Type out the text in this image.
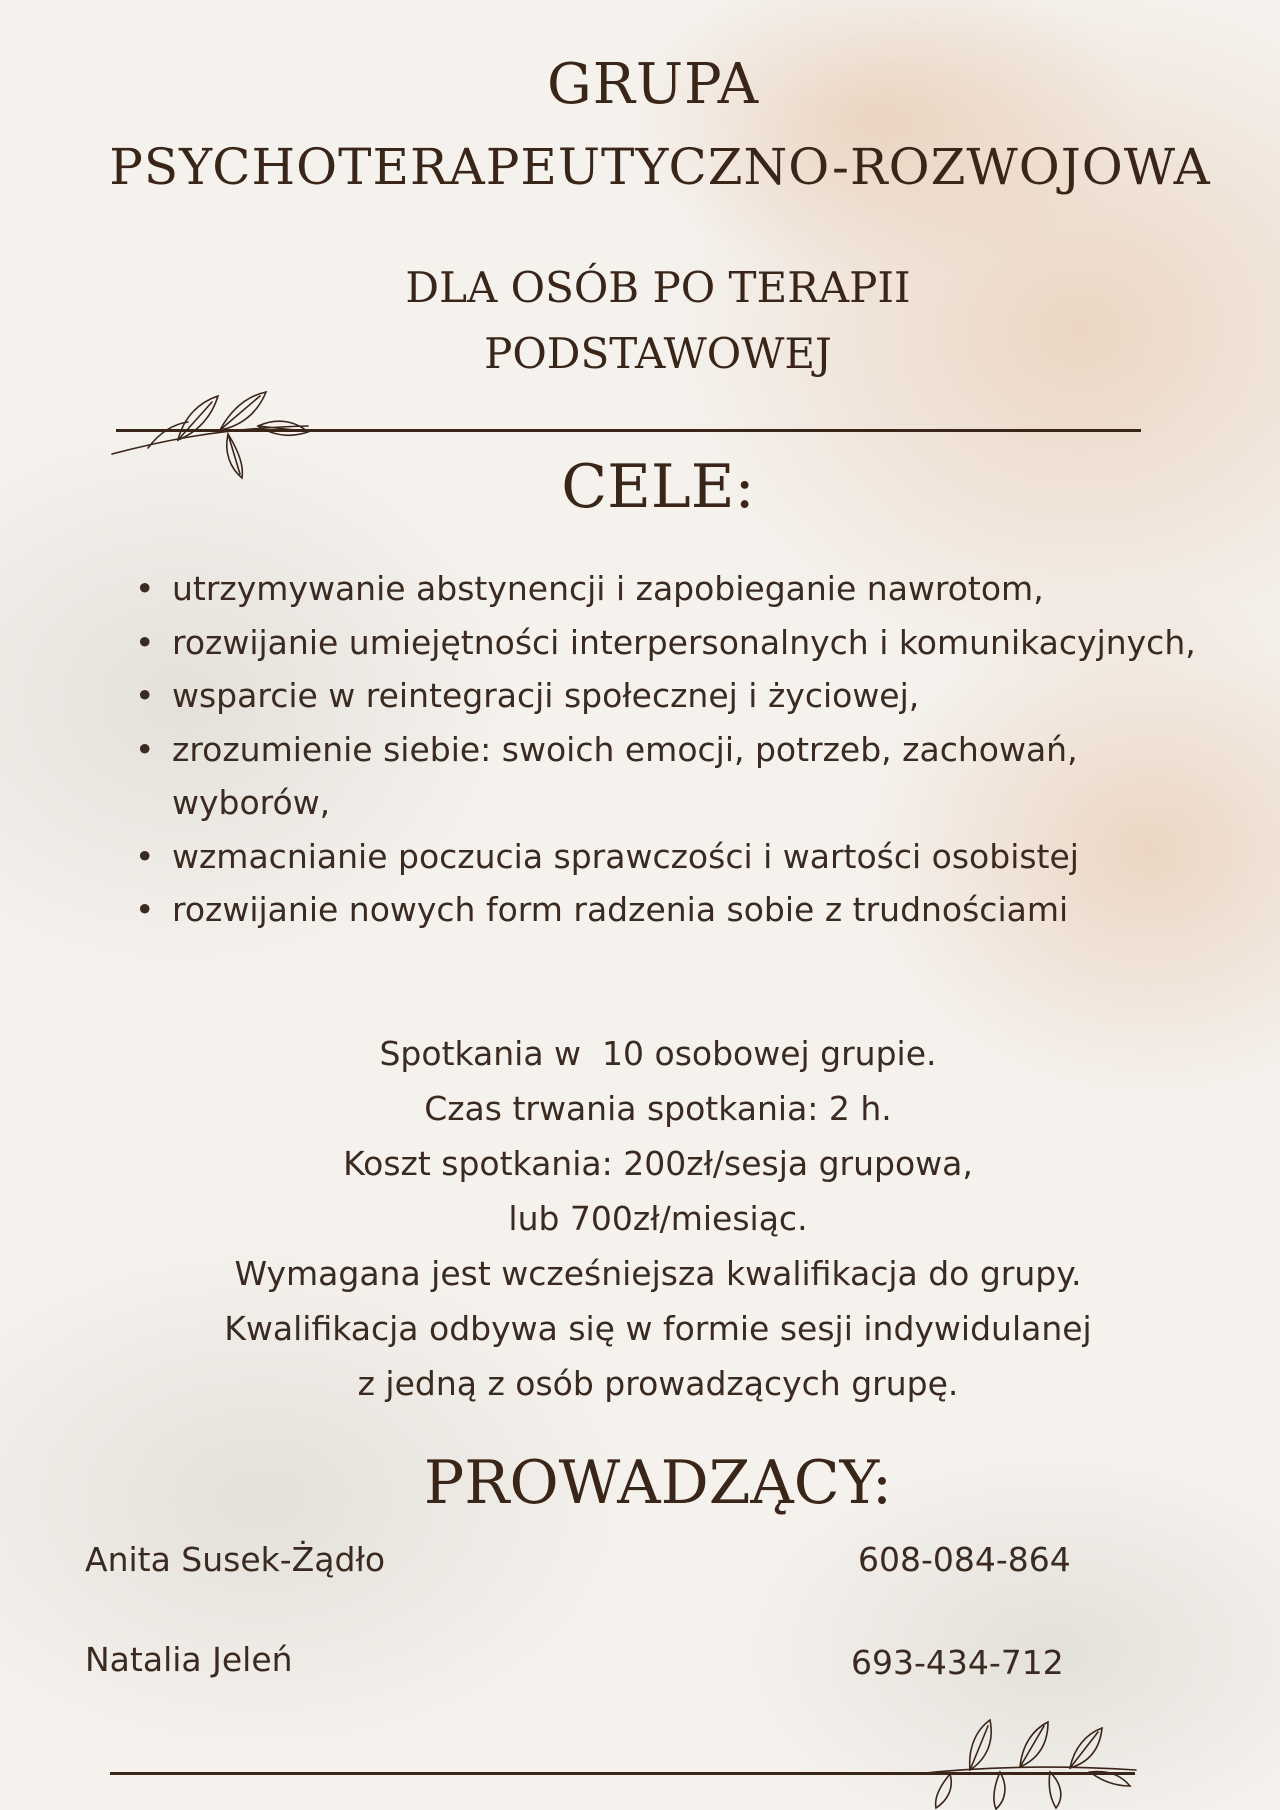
GRUPA
PSYCHOTERAPEUTYCZNO-ROZWOJOWA
DLA OSÓB PO TERAPII
PODSTAWOWEJ
CELE:
• utrzymywanie abstynencji i zapobieganie nawrotom,
• rozwijanie umiejętności interpersonalnych i komunikacyjnych,
• wsparcie w reintegracji społecznej i życiowej,
• zrozumienie siebie: swoich emocji, potrzeb, zachowań, wyborów,
• wzmacnianie poczucia sprawczości i wartości osobistej
• rozwijanie nowych form radzenia sobie z trudnościami
Spotkania w  10 osobowej grupie.
Czas trwania spotkania: 2 h.
Koszt spotkania: 200zł/sesja grupowa,
lub 700zł/miesiąc.
Wymagana jest wcześniejsza kwalifikacja do grupy.
Kwalifikacja odbywa się w formie sesji indywidulanej
z jedną z osób prowadzących grupę.
PROWADZĄCY:
Anita Susek-Żądło	608-084-864
Natalia Jeleń	693-434-712
